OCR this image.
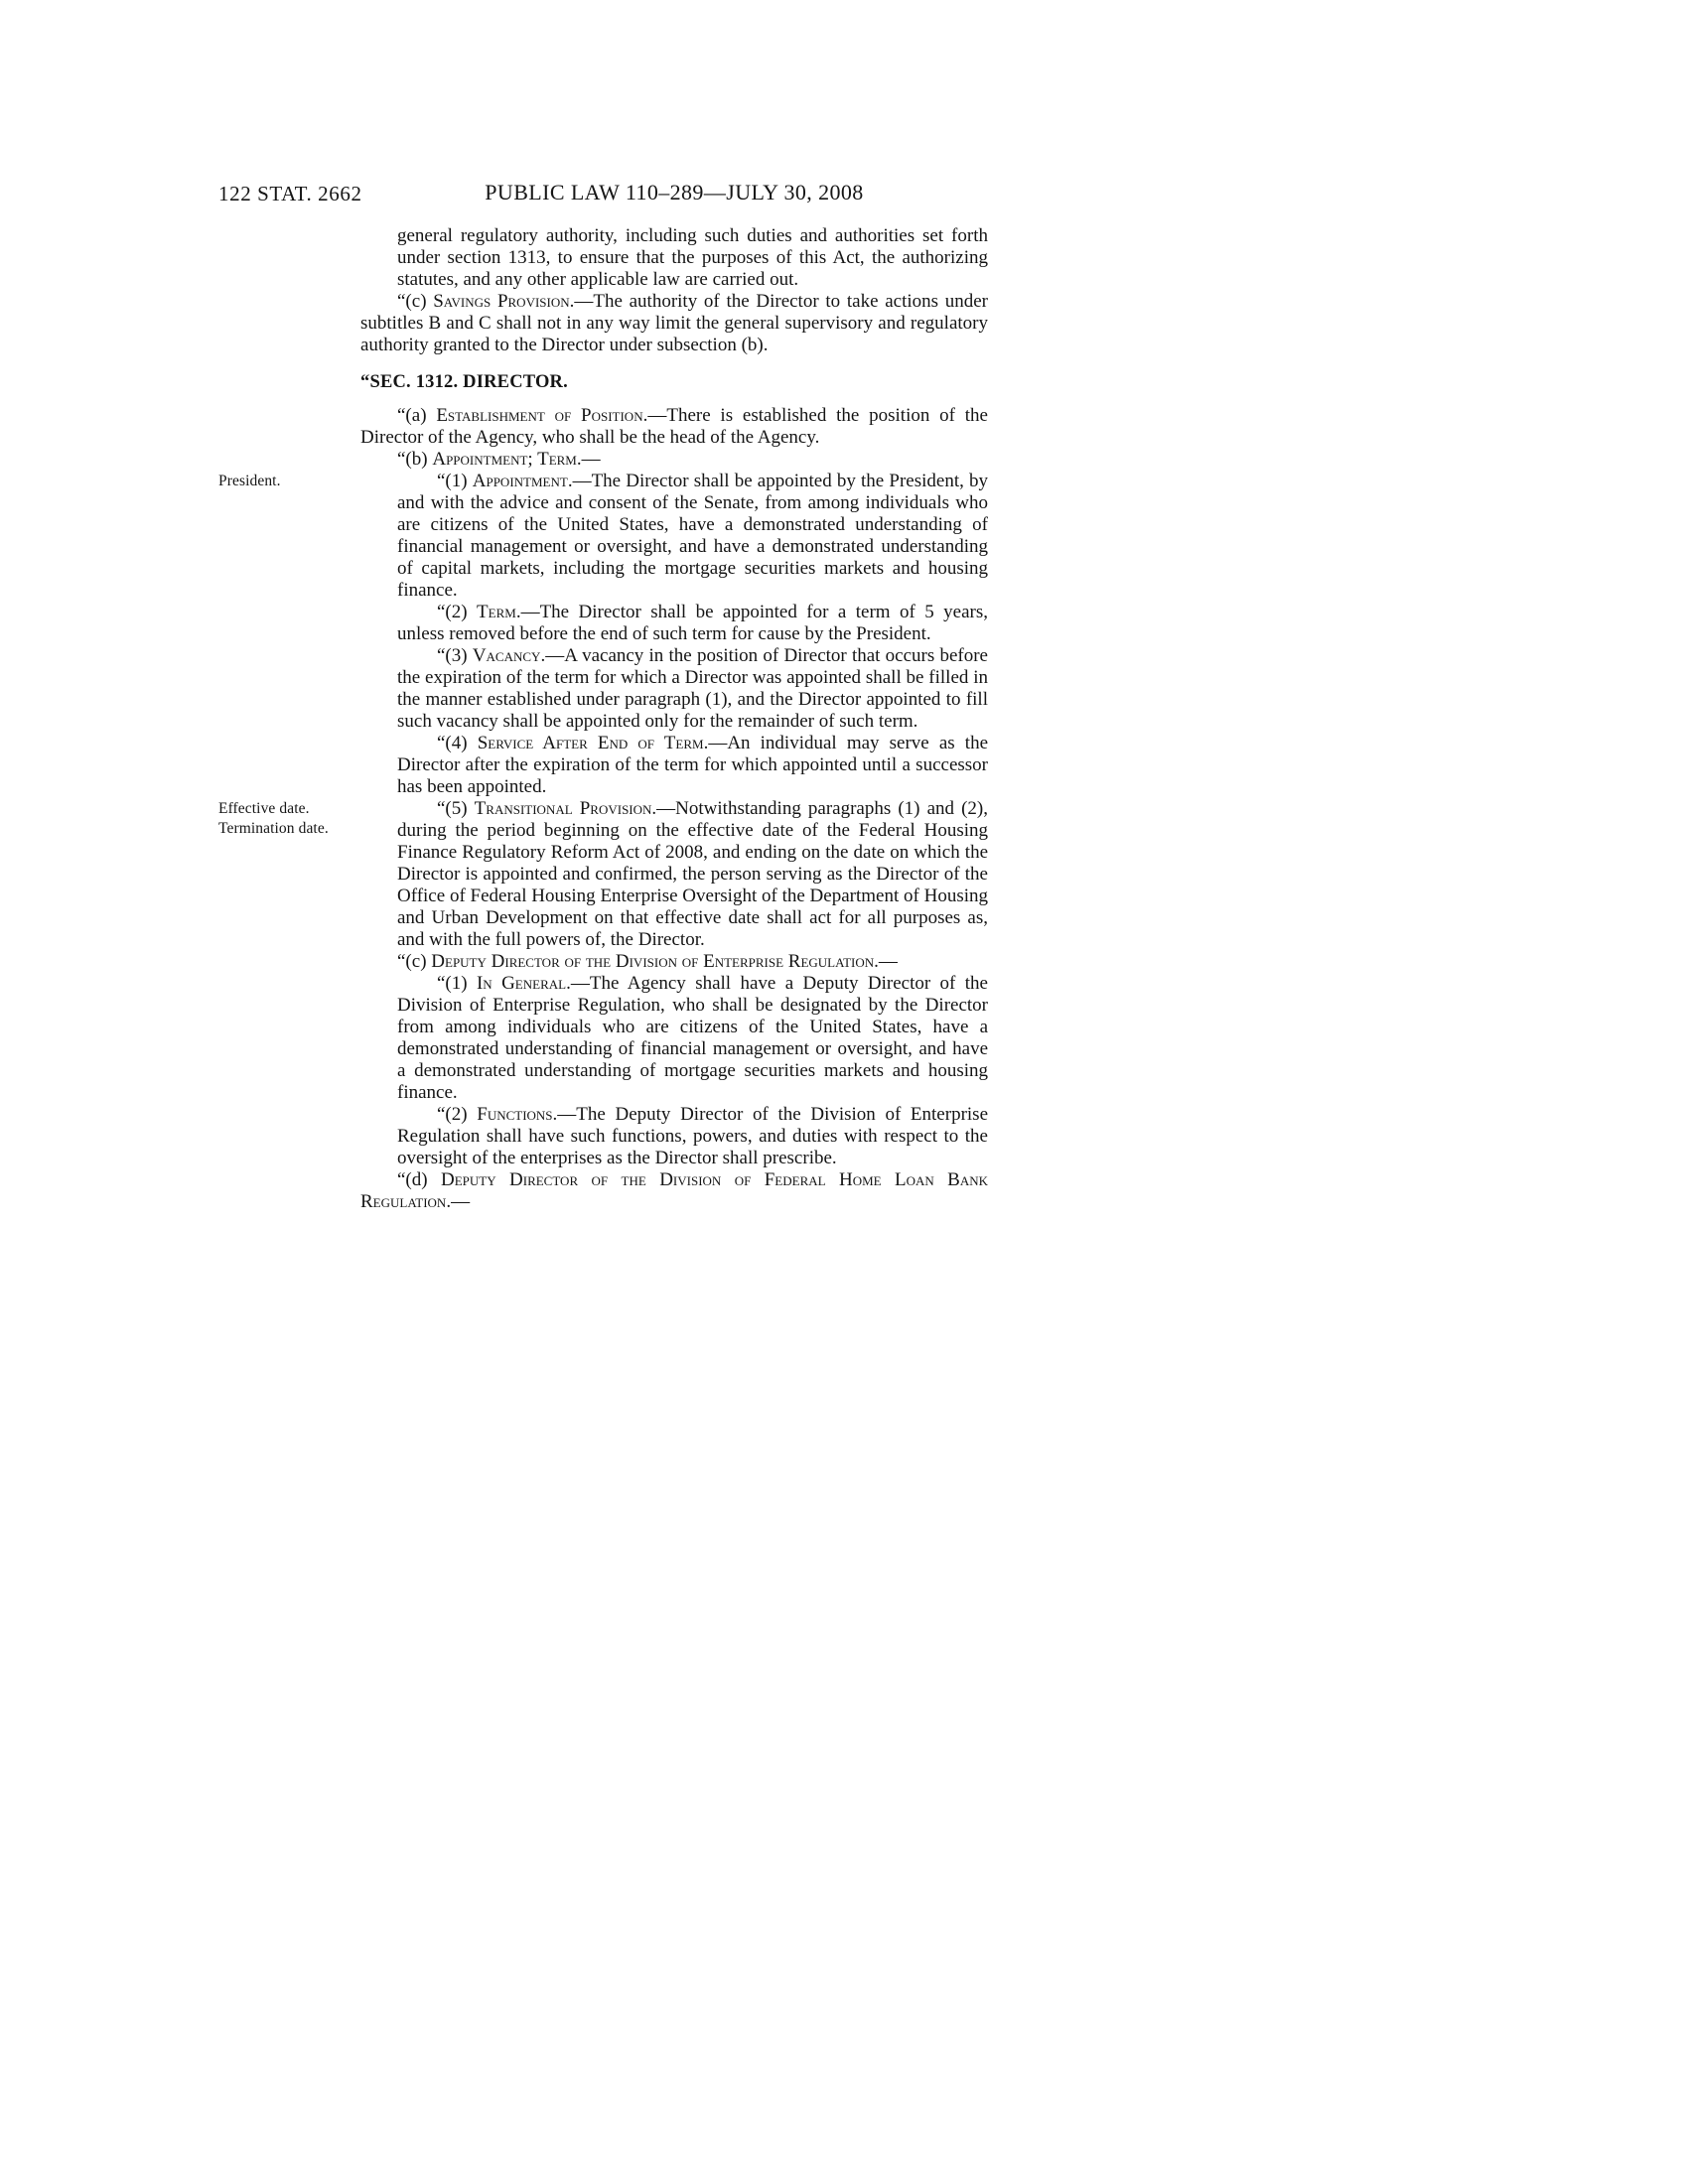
122 STAT. 2662	PUBLIC LAW 110–289—JULY 30, 2008

general regulatory authority, including such duties and authorities set forth under section 1313, to ensure that the purposes of this Act, the authorizing statutes, and any other applicable law are carried out.

“(c) Savings Provision.—The authority of the Director to take actions under subtitles B and C shall not in any way limit the general supervisory and regulatory authority granted to the Director under subsection (b).

“SEC. 1312. DIRECTOR.

“(a) Establishment of Position.—There is established the position of the Director of the Agency, who shall be the head of the Agency.

“(b) Appointment; Term.—

“(1) Appointment.—The Director shall be appointed by the President, by and with the advice and consent of the Senate, from among individuals who are citizens of the United States, have a demonstrated understanding of financial management or oversight, and have a demonstrated understanding of capital markets, including the mortgage securities markets and housing finance.
President.

“(2) Term.—The Director shall be appointed for a term of 5 years, unless removed before the end of such term for cause by the President.

“(3) Vacancy.—A vacancy in the position of Director that occurs before the expiration of the term for which a Director was appointed shall be filled in the manner established under paragraph (1), and the Director appointed to fill such vacancy shall be appointed only for the remainder of such term.

“(4) Service After End of Term.—An individual may serve as the Director after the expiration of the term for which appointed until a successor has been appointed.

“(5) Transitional Provision.—Notwithstanding paragraphs (1) and (2), during the period beginning on the effective date of the Federal Housing Finance Regulatory Reform Act of 2008, and ending on the date on which the Director is appointed and confirmed, the person serving as the Director of the Office of Federal Housing Enterprise Oversight of the Department of Housing and Urban Development on that effective date shall act for all purposes as, and with the full powers of, the Director.
Effective date.
Termination date.

“(c) Deputy Director of the Division of Enterprise Regulation.—

“(1) In General.—The Agency shall have a Deputy Director of the Division of Enterprise Regulation, who shall be designated by the Director from among individuals who are citizens of the United States, have a demonstrated understanding of financial management or oversight, and have a demonstrated understanding of mortgage securities markets and housing finance.

“(2) Functions.—The Deputy Director of the Division of Enterprise Regulation shall have such functions, powers, and duties with respect to the oversight of the enterprises as the Director shall prescribe.

“(d) Deputy Director of the Division of Federal Home Loan Bank Regulation.—
